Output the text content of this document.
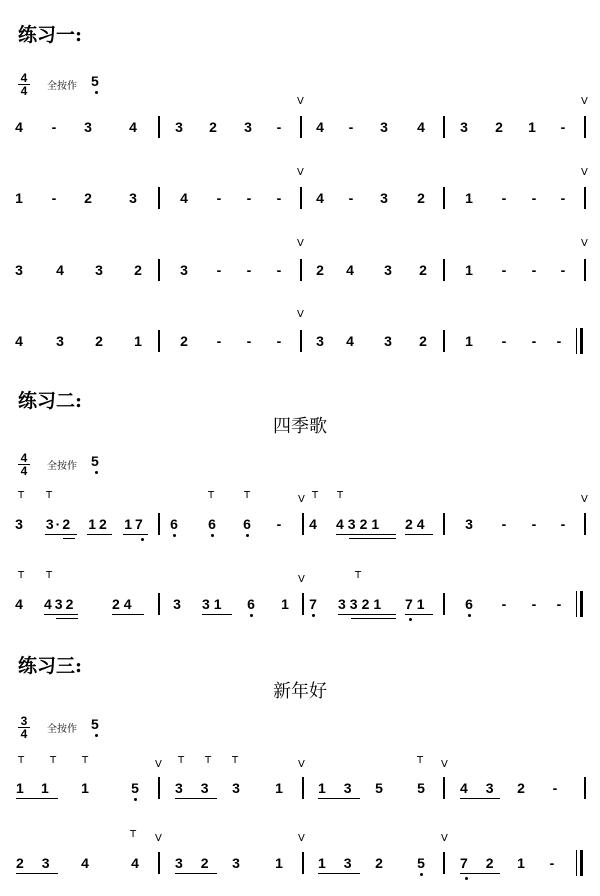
练习一:
4
4 全按作 5
V	V
4	-	3	4	3 2 3	-	4	-	3 4	3 2 1	-
V	V
1	-	2	3	4	-	-	-	4	-	3 2	1	-	-	-
V	V
3 4 3 2	3	-	-	-	2 4 3 2	1	-	-	-
V
4 3 2 1	2	-	-	-	3 4 3 2	1	-	-	-
练习二:
四季歌
4
4 全按作 5
T T	T	T	T T
V	V
3 3·2 12 17 6 6 6	-	4 4321	24	3	-	-	-
T T	V	T
4 432	24	3 31	6 1 7 3321	71	6	-	-	-
练习三:
新年好
3
4 全按作 5
T	T	T	V T T T	V	T V
11 1	5	33 3	1	13 5 5	43 2	-
T V	V	V
23 4	4	32 3	1	13 2 5	72 1	-
